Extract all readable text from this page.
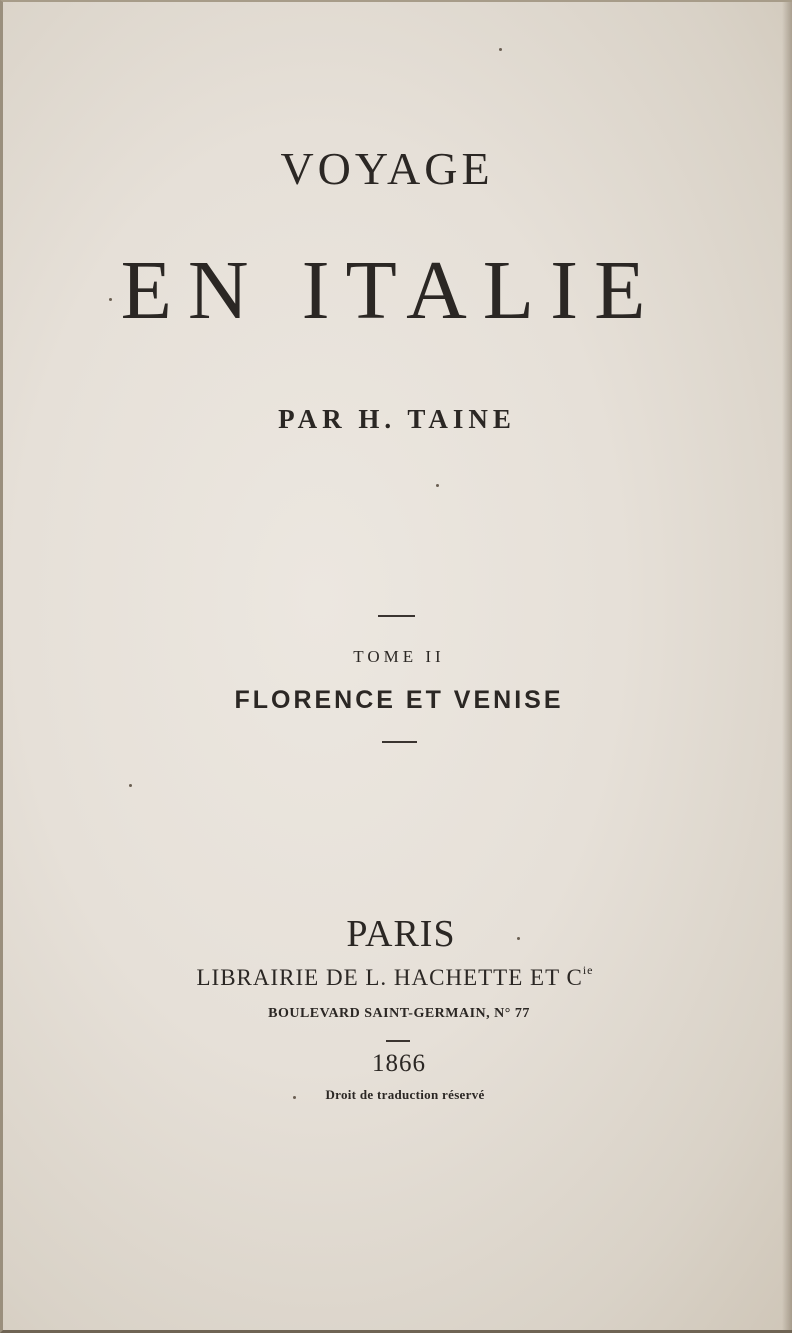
VOYAGE
EN ITALIE
PAR H. TAINE
TOME II
FLORENCE ET VENISE
PARIS
LIBRAIRIE DE L. HACHETTE ET $C^{ie}$
BOULEVARD SAINT-GERMAIN, N° 77
1866
Droit de traduction réservé
